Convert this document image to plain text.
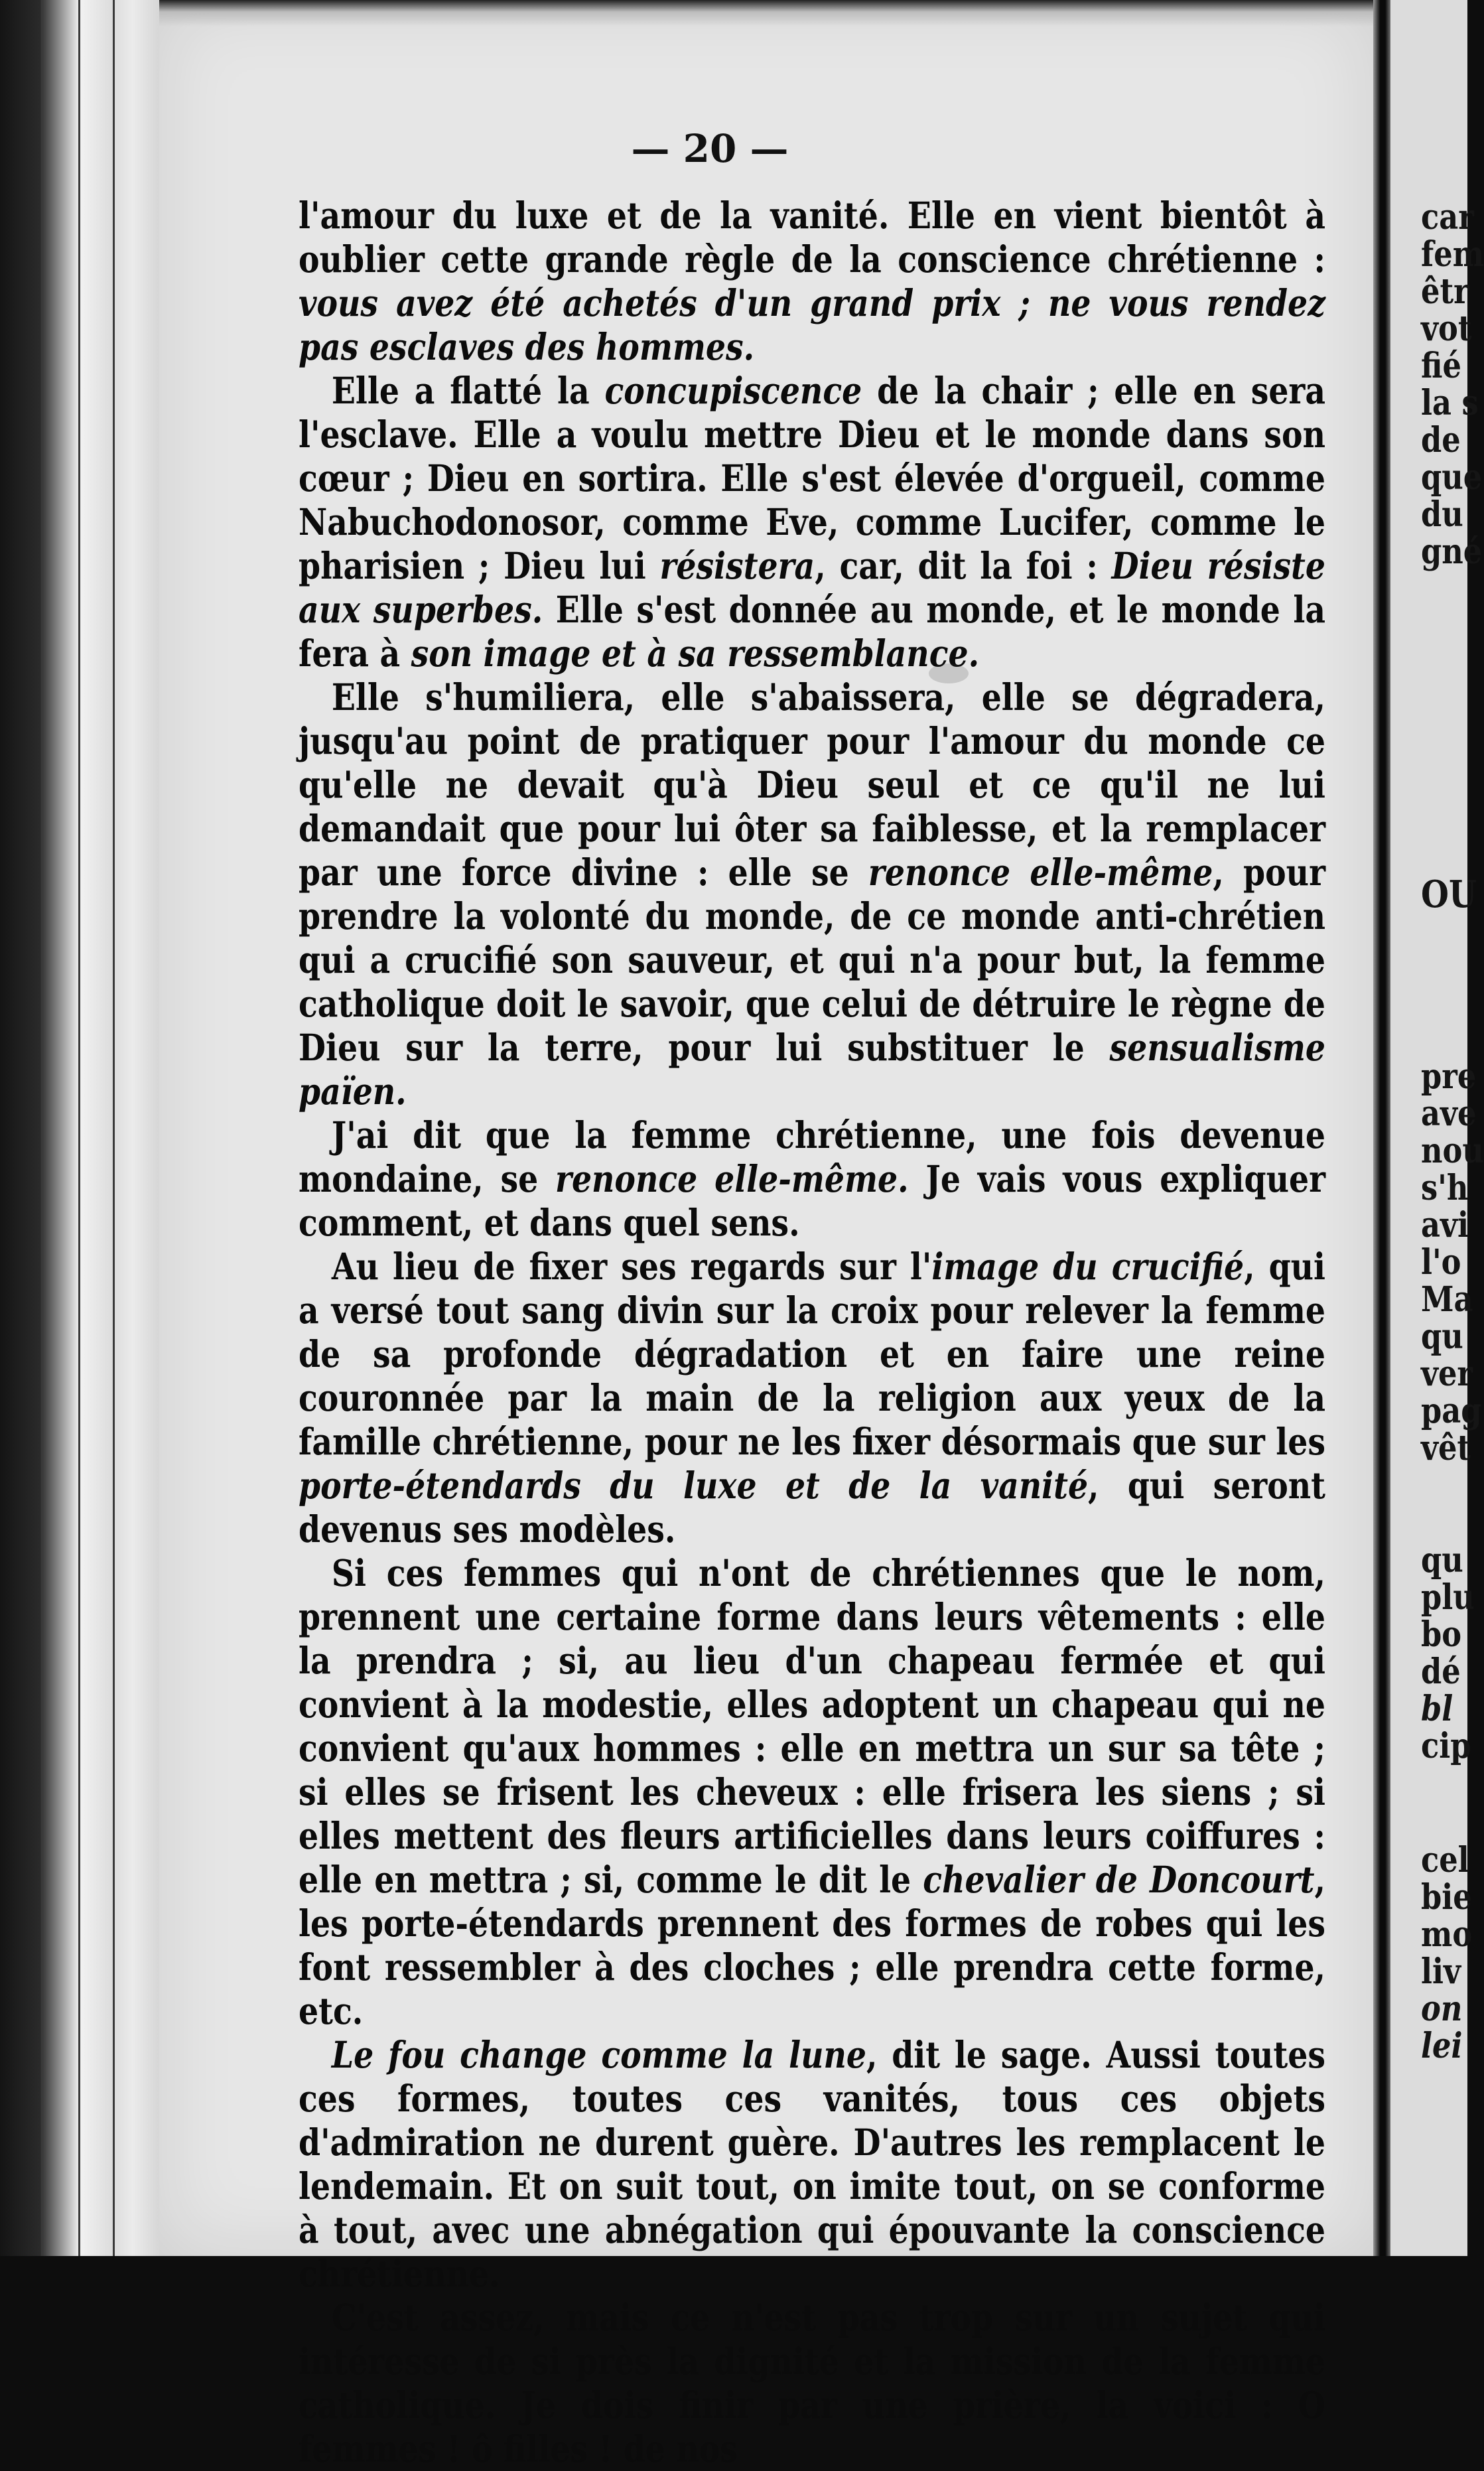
— 20 —

l'amour du luxe et de la vanité. Elle en vient bientôt à oublier cette grande règle de la conscience chrétienne : vous avez été achetés d'un grand prix ; ne vous rendez pas esclaves des hommes.

Elle a flatté la concupiscence de la chair ; elle en sera l'esclave. Elle a voulu mettre Dieu et le monde dans son cœur ; Dieu en sortira. Elle s'est élevée d'orgueil, comme Nabuchodonosor, comme Eve, comme Lucifer, comme le pharisien ; Dieu lui résistera, car, dit la foi : Dieu résiste aux superbes. Elle s'est donnée au monde, et le monde la fera à son image et à sa ressemblance.

Elle s'humiliera, elle s'abaissera, elle se dégradera, jusqu'au point de pratiquer pour l'amour du monde ce qu'elle ne devait qu'à Dieu seul et ce qu'il ne lui demandait que pour lui ôter sa faiblesse, et la remplacer par une force divine : elle se renonce elle-même, pour prendre la volonté du monde, de ce monde anti-chrétien qui a crucifié son sauveur, et qui n'a pour but, la femme catholique doit le savoir, que celui de détruire le règne de Dieu sur la terre, pour lui substituer le sensualisme païen.

J'ai dit que la femme chrétienne, une fois devenue mondaine, se renonce elle-même. Je vais vous expliquer comment, et dans quel sens.

Au lieu de fixer ses regards sur l'image du crucifié, qui a versé tout sang divin sur la croix pour relever la femme de sa profonde dégradation et en faire une reine couronnée par la main de la religion aux yeux de la famille chrétienne, pour ne les fixer désormais que sur les porte-étendards du luxe et de la vanité, qui seront devenus ses modèles.

Si ces femmes qui n'ont de chrétiennes que le nom, prennent une certaine forme dans leurs vêtements : elle la prendra ; si, au lieu d'un chapeau fermée et qui convient à la modestie, elles adoptent un chapeau qui ne convient qu'aux hommes : elle en mettra un sur sa tête ; si elles se frisent les cheveux : elle frisera les siens ; si elles mettent des fleurs artificielles dans leurs coiffures : elle en mettra ; si, comme le dit le chevalier de Doncourt, les porte-étendards prennent des formes de robes qui les font ressembler à des cloches ; elle prendra cette forme, etc.

Le fou change comme la lune, dit le sage. Aussi toutes ces formes, toutes ces vanités, tous ces objets d'admiration ne durent guère. D'autres les remplacent le lendemain. Et on suit tout, on imite tout, on se conforme à tout, avec une abnégation qui épouvante la conscience chrétienne.

C'est assez, mais ce n'est pas trop sur un sujet qui intéresse de si près la dignité et la mission de la femme catholique. Je dois finir par une prière, la voici : O femmes ! ô filles ! de nos

car
fem
êtr
vot
fié
la s
de
que
du
gné
OU
pre
ave
nou
s'h
avi
l'o
Ma
qu
ver
pag
vêt
qu
plu
bo
dé
bl
cip
cel
bie
mo
liv
on
lei
